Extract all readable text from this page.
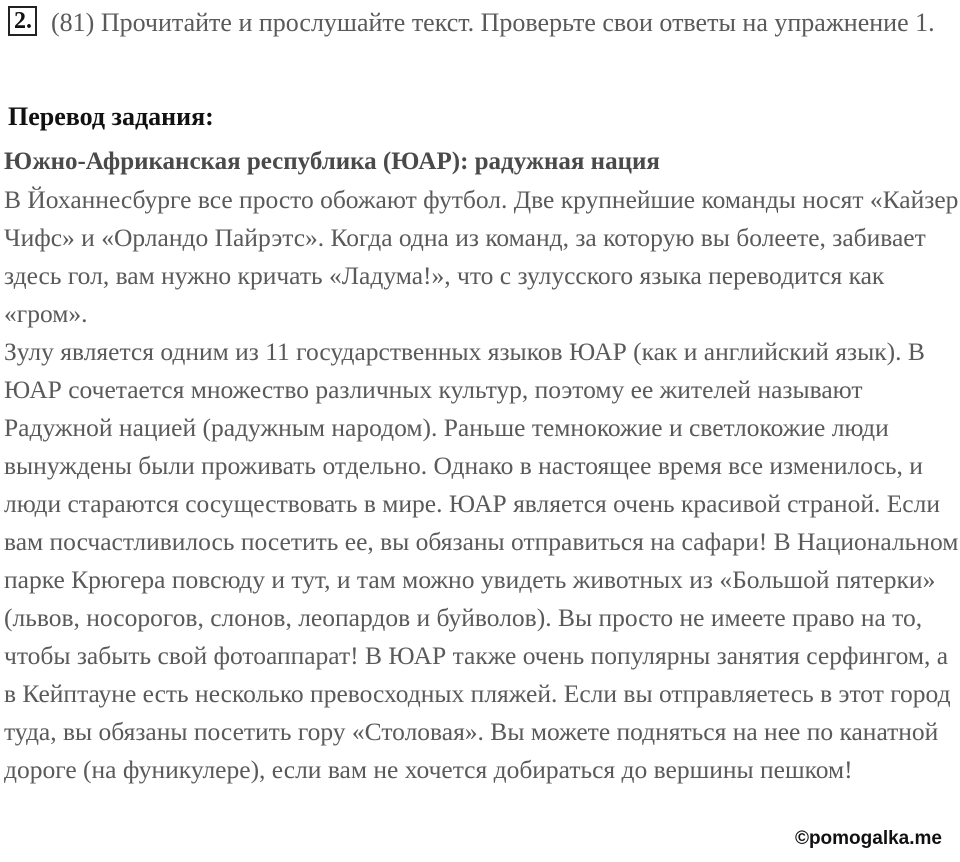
2. (81) Прочитайте и прослушайте текст. Проверьте свои ответы на упражнение 1.
Перевод задания:
Южно-Африканская республика (ЮАР): радужная нация

В Йоханнесбурге все просто обожают футбол. Две крупнейшие команды носят «Кайзер Чифс» и «Орландо Пайрэтс». Когда одна из команд, за которую вы болеете, забивает здесь гол, вам нужно кричать «Ладума!», что с зулусского языка переводится как «гром».

Зулу является одним из 11 государственных языков ЮАР (как и английский язык). В ЮАР сочетается множество различных культур, поэтому ее жителей называют Радужной нацией (радужным народом). Раньше темнокожие и светлокожие люди вынуждены были проживать отдельно. Однако в настоящее время все изменилось, и люди стараются сосуществовать в мире. ЮАР является очень красивой страной. Если вам посчастливилось посетить ее, вы обязаны отправиться на сафари! В Национальном парке Крюгера повсюду и тут, и там можно увидеть животных из «Большой пятерки» (львов, носорогов, слонов, леопардов и буйволов). Вы просто не имеете право на то, чтобы забыть свой фотоаппарат! В ЮАР также очень популярны занятия серфингом, а в Кейптауне есть несколько превосходных пляжей. Если вы отправляетесь в этот город туда, вы обязаны посетить гору «Столовая». Вы можете подняться на нее по канатной дороге (на фуникулере), если вам не хочется добираться до вершины пешком!

©pomogalka.me
